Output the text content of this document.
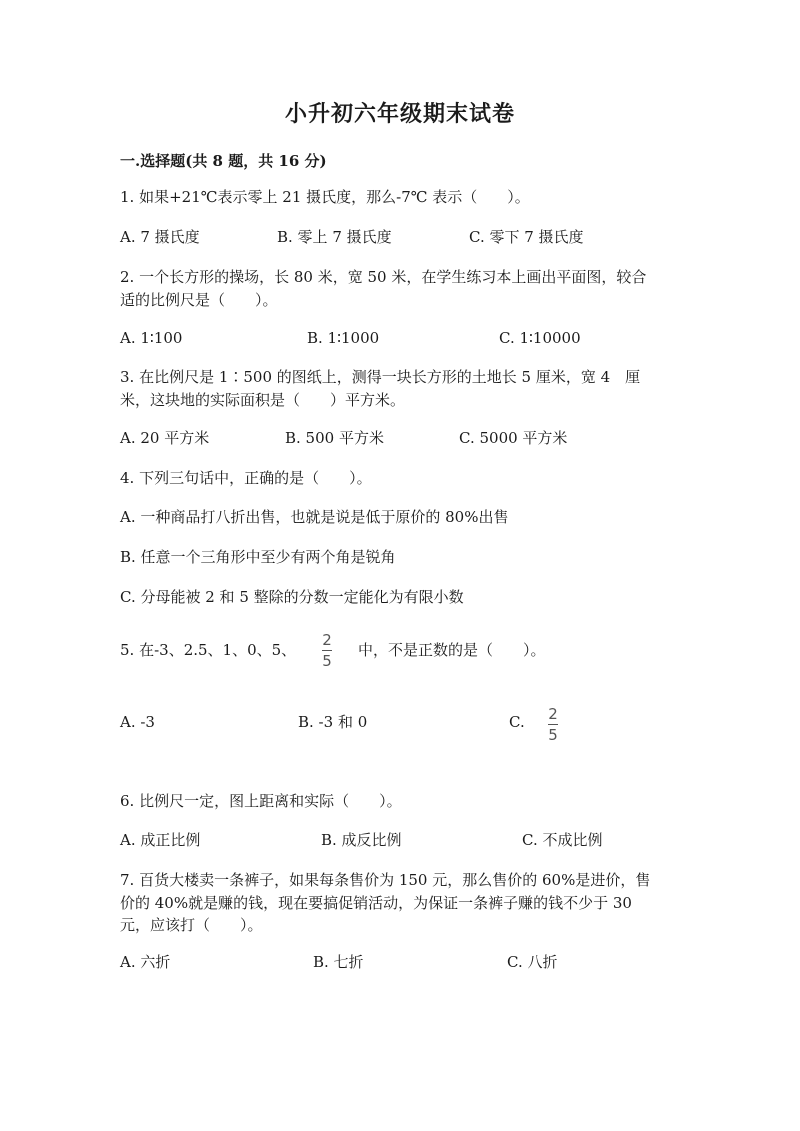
小升初六年级期末试卷
一.选择题(共 8 题，共 16 分)
1. 如果+21℃表示零上 21 摄氏度，那么-7℃ 表示（　　）。
A. 7 摄氏度	B. 零上 7 摄氏度	C. 零下 7 摄氏度
2. 一个长方形的操场，长 80 米，宽 50 米，在学生练习本上画出平面图，较合
适的比例尺是（　　）。
A. 1∶100	B. 1∶1000	C. 1∶10000
3. 在比例尺是 1∶500 的图纸上，测得一块长方形的土地长 5 厘米，宽 4　厘
米，这块地的实际面积是（　　）平方米。
A. 20 平方米	B. 500 平方米	C. 5000 平方米
4. 下列三句话中，正确的是（　　）。
A. 一种商品打八折出售，也就是说是低于原价的 80%出售
B. 任意一个三角形中至少有两个角是锐角
C. 分母能被 2 和 5 整除的分数一定能化为有限小数
5. 在-3、2.5、1、0、5、
2
5
中，不是正数的是（　　）。
A. -3	B. -3 和 0	C. 2
5
6. 比例尺一定，图上距离和实际（　　）。
A. 成正比例	B. 成反比例	C. 不成比例
7. 百货大楼卖一条裤子，如果每条售价为 150 元，那么售价的 60%是进价，售
价的 40%就是赚的钱，现在要搞促销活动，为保证一条裤子赚的钱不少于 30
元，应该打（　　）。
A. 六折	B. 七折	C. 八折
